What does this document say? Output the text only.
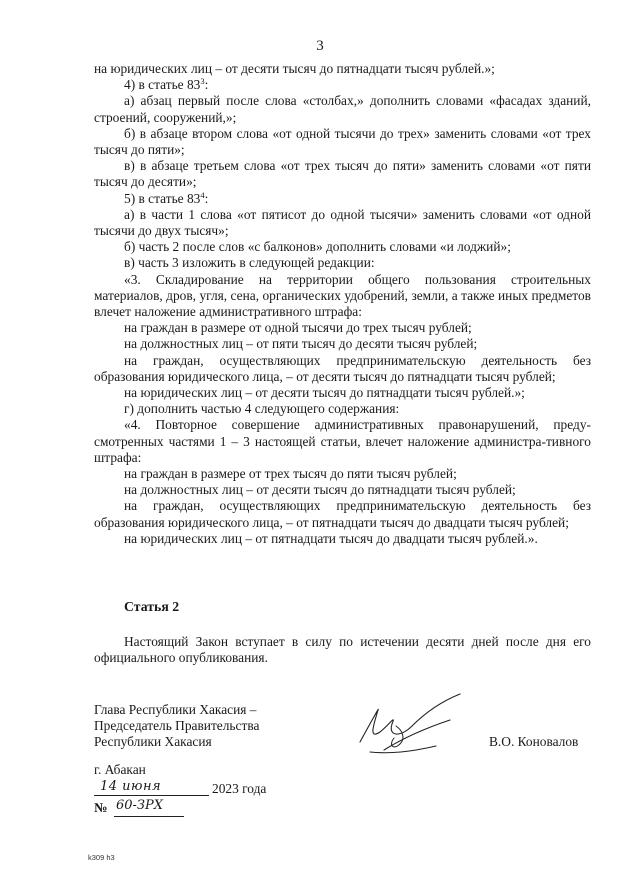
3

на юридических лиц – от десяти тысяч до пятнадцати тысяч рублей.»;

4) в статье $83^3$:

а) абзац первый после слова «столбах,» дополнить словами «фасадах зданий, строений, сооружений,»;

б) в абзаце втором слова «от одной тысячи до трех» заменить словами «от трех тысяч до пяти»;

в) в абзаце третьем слова «от трех тысяч до пяти» заменить словами «от пяти тысяч до десяти»;

5) в статье $83^4$:

а) в части 1 слова «от пятисот до одной тысячи» заменить словами «от одной тысячи до двух тысяч»;

б) часть 2 после слов «с балконов» дополнить словами «и лоджий»;

в) часть 3 изложить в следующей редакции:

«3. Складирование на территории общего пользования строительных материалов, дров, угля, сена, органических удобрений, земли, а также иных предметов влечет наложение административного штрафа:

на граждан в размере от одной тысячи до трех тысяч рублей;

на должностных лиц – от пяти тысяч до десяти тысяч рублей;

на граждан, осуществляющих предпринимательскую деятельность без образования юридического лица, – от десяти тысяч до пятнадцати тысяч рублей;

на юридических лиц – от десяти тысяч до пятнадцати тысяч рублей.»;

г) дополнить частью 4 следующего содержания:

«4. Повторное совершение административных правонарушений, преду-смотренных частями 1 – 3 настоящей статьи, влечет наложение администра-тивного штрафа:

на граждан в размере от трех тысяч до пяти тысяч рублей;

на должностных лиц – от десяти тысяч до пятнадцати тысяч рублей;

на граждан, осуществляющих предпринимательскую деятельность без образования юридического лица, – от пятнадцати тысяч до двадцати тысяч рублей;

на юридических лиц – от пятнадцати тысяч до двадцати тысяч рублей.».

Статья 2

Настоящий Закон вступает в силу по истечении десяти дней после дня его официального опубликования.

Глава Республики Хакасия –
Председатель Правительства
Республики Хакасия	В.О. Коновалов
г. Абакан
14 июня	2023 года
№ 60-ЗРХ
k309 h3
